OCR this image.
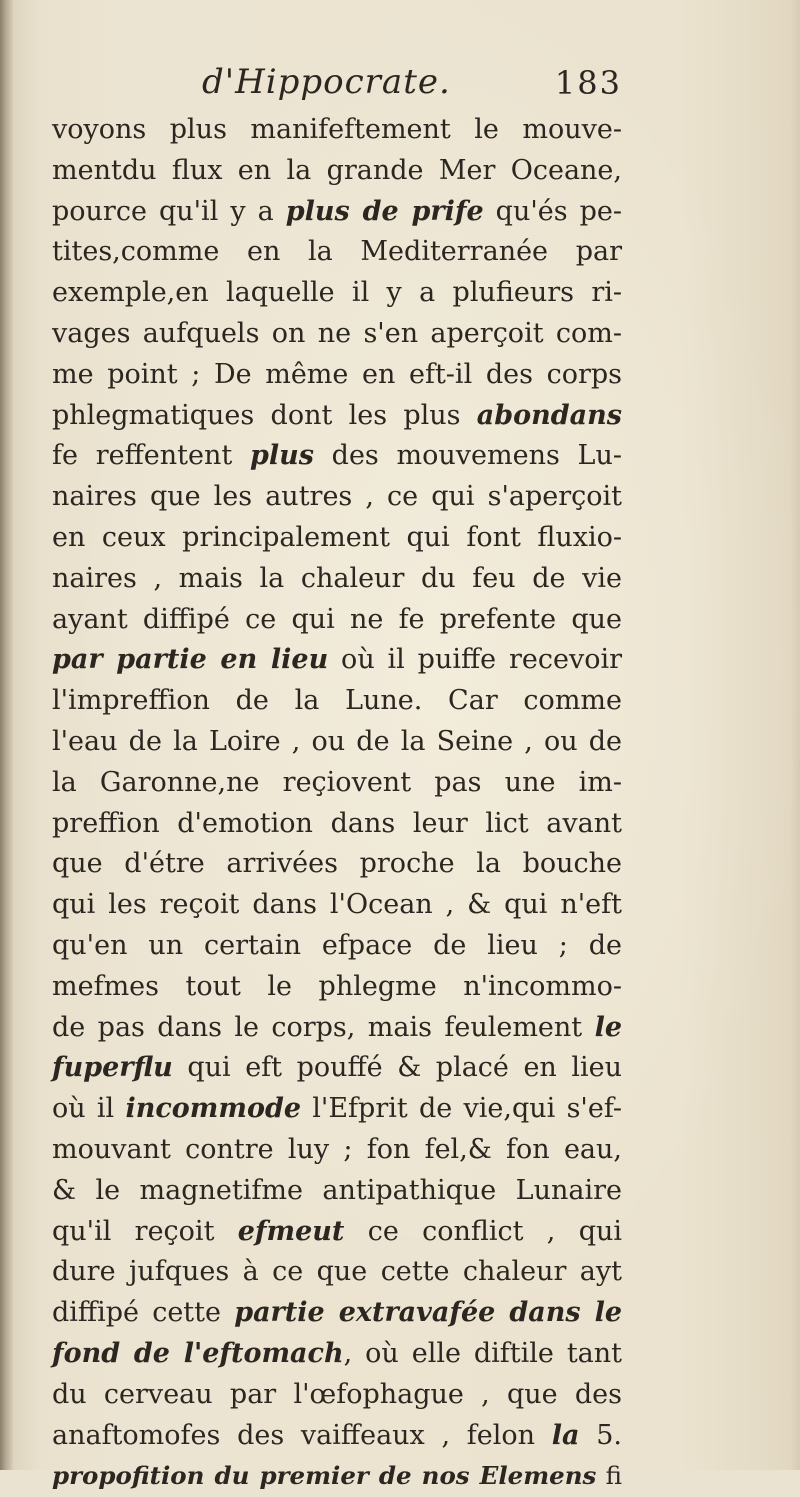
d'Hippocrate.	183
voyons plus manifeftement le mouve-
mentdu flux en la grande Mer Oceane,
pource qu'il y a plus de prife qu'és pe-
tites,comme en la Mediterranée par
exemple,en laquelle il y a plufieurs ri-
vages aufquels on ne s'en aperçoit com-
me point ; De même en eft-il des corps
phlegmatiques dont les plus abondans
fe reffentent plus des mouvemens Lu-
naires que les autres , ce qui s'aperçoit
en ceux principalement qui font fluxio-
naires , mais la chaleur du feu de vie
ayant diffipé ce qui ne fe prefente que
par partie en lieu où il puiffe recevoir
l'impreffion de la Lune. Car comme
l'eau de la Loire , ou de la Seine , ou de
la Garonne,ne reçiovent pas une im-
preffion d'emotion dans leur lict avant
que d'étre arrivées proche la bouche
qui les reçoit dans l'Ocean , & qui n'eft
qu'en un certain efpace de lieu ; de
mefmes tout le phlegme n'incommo-
de pas dans le corps, mais feulement le
fuperflu qui eft pouffé & placé en lieu
où il incommode l'Efprit de vie,qui s'ef-
mouvant contre luy ; fon fel,& fon eau,
& le magnetifme antipathique Lunaire
qu'il reçoit efmeut ce conflict , qui
dure jufques à ce que cette chaleur ayt
diffipé cette partie extravafée dans le
fond de l'eftomach, où elle diftile tant
du cerveau par l'œfophague , que des
anaftomofes des vaiffeaux , felon la 5.
propofition du premier de nos Elemens fi
